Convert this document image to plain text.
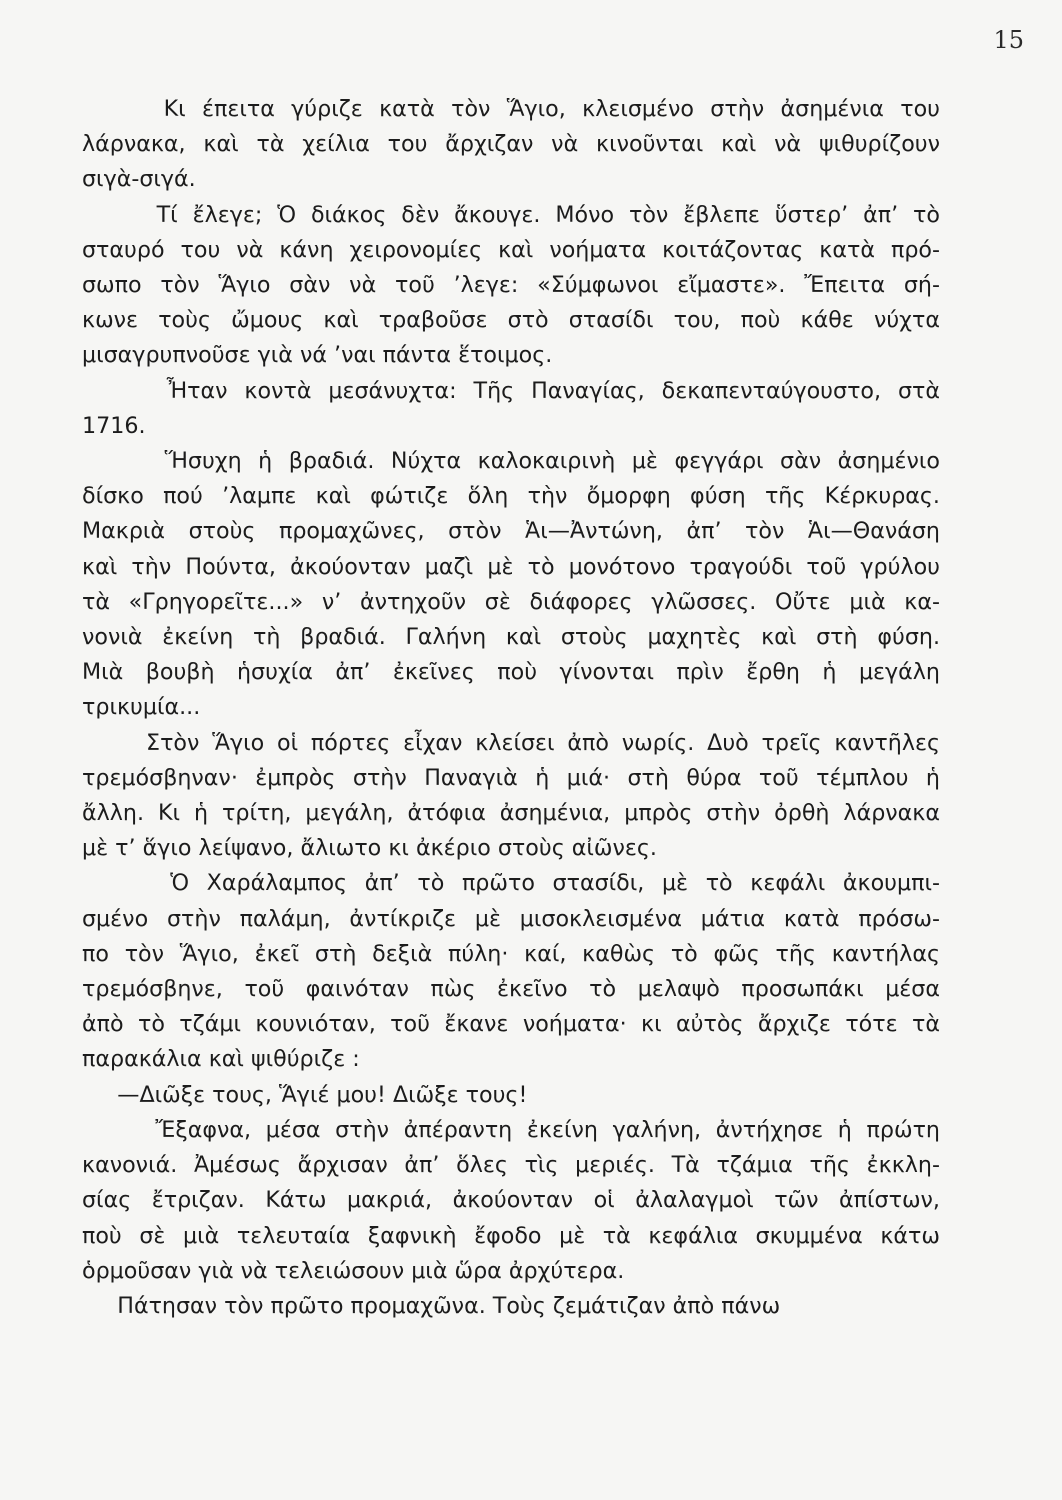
15

Κι έπειτα γύριζε κατὰ τὸν Ἅγιο, κλεισμένο στὴν ἀσημένια του
λάρνακα, καὶ τὰ χείλια του ἄρχιζαν νὰ κινοῦνται καὶ νὰ ψιθυρίζουν
σιγὰ-σιγά.

Τί ἔλεγε; Ὁ διάκος δὲν ἄκουγε. Μόνο τὸν ἔβλεπε ὕστερ’ ἀπ’ τὸ
σταυρό του νὰ κάνη χειρονομίες καὶ νοήματα κοιτάζοντας κατὰ πρό-
σωπο τὸν Ἅγιο σὰν νὰ τοῦ ’λεγε: «Σύμφωνοι εἴμαστε». Ἔπειτα σή-
κωνε τοὺς ὤμους καὶ τραβοῦσε στὸ στασίδι του, ποὺ κάθε νύχτα
μισαγρυπνοῦσε γιὰ νά ’ναι πάντα ἕτοιμος.

Ἦταν κοντὰ μεσάνυχτα: Τῆς Παναγίας, δεκαπενταύγουστο, στὰ
1716.

Ἥσυχη ἡ βραδιά. Νύχτα καλοκαιρινὴ μὲ φεγγάρι σὰν ἀσημένιο
δίσκο πού ’λαμπε καὶ φώτιζε ὅλη τὴν ὄμορφη φύση τῆς Κέρκυρας.
Μακριὰ στοὺς προμαχῶνες, στὸν Ἁι—Ἀντώνη, ἀπ’ τὸν Ἁι—Θανάση
καὶ τὴν Πούντα, ἀκούονταν μαζὶ μὲ τὸ μονότονο τραγούδι τοῦ γρύλου
τὰ «Γρηγορεῖτε...» ν’ ἀντηχοῦν σὲ διάφορες γλῶσσες. Οὔτε μιὰ κα-
νονιὰ ἐκείνη τὴ βραδιά. Γαλήνη καὶ στοὺς μαχητὲς καὶ στὴ φύση.
Μιὰ βουβὴ ἡσυχία ἀπ’ ἐκεῖνες ποὺ γίνονται πρὶν ἔρθη ἡ μεγάλη
τρικυμία...

Στὸν Ἅγιο οἱ πόρτες εἶχαν κλείσει ἀπὸ νωρίς. Δυὸ τρεῖς καντῆλες
τρεμόσβηναν· ἐμπρὸς στὴν Παναγιὰ ἡ μιά· στὴ θύρα τοῦ τέμπλου ἡ
ἄλλη. Κι ἡ τρίτη, μεγάλη, ἀτόφια ἀσημένια, μπρὸς στὴν ὀρθὴ λάρνακα
μὲ τ’ ἅγιο λείψανο, ἄλιωτο κι ἀκέριο στοὺς αἰῶνες.

Ὁ Χαράλαμπος ἀπ’ τὸ πρῶτο στασίδι, μὲ τὸ κεφάλι ἀκουμπι-
σμένο στὴν παλάμη, ἀντίκριζε μὲ μισοκλεισμένα μάτια κατὰ πρόσω-
πο τὸν Ἅγιο, ἐκεῖ στὴ δεξιὰ πύλη· καί, καθὼς τὸ φῶς τῆς καντήλας
τρεμόσβηνε, τοῦ φαινόταν πὼς ἐκεῖνο τὸ μελαψὸ προσωπάκι μέσα
ἀπὸ τὸ τζάμι κουνιόταν, τοῦ ἔκανε νοήματα· κι αὐτὸς ἄρχιζε τότε τὰ
παρακάλια καὶ ψιθύριζε :

—Διῶξε τους, Ἅγιέ μου! Διῶξε τους!

Ἔξαφνα, μέσα στὴν ἀπέραντη ἐκείνη γαλήνη, ἀντήχησε ἡ πρώτη
κανονιά. Ἀμέσως ἄρχισαν ἀπ’ ὅλες τὶς μεριές. Τὰ τζάμια τῆς ἐκκλη-
σίας ἔτριζαν. Κάτω μακριά, ἀκούονταν οἱ ἀλαλαγμοὶ τῶν ἀπίστων,
ποὺ σὲ μιὰ τελευταία ξαφνικὴ ἔφοδο μὲ τὰ κεφάλια σκυμμένα κάτω
ὁρμοῦσαν γιὰ νὰ τελειώσουν μιὰ ὥρα ἀρχύτερα.

Πάτησαν τὸν πρῶτο προμαχῶνα. Τοὺς ζεμάτιζαν ἀπὸ πάνω
